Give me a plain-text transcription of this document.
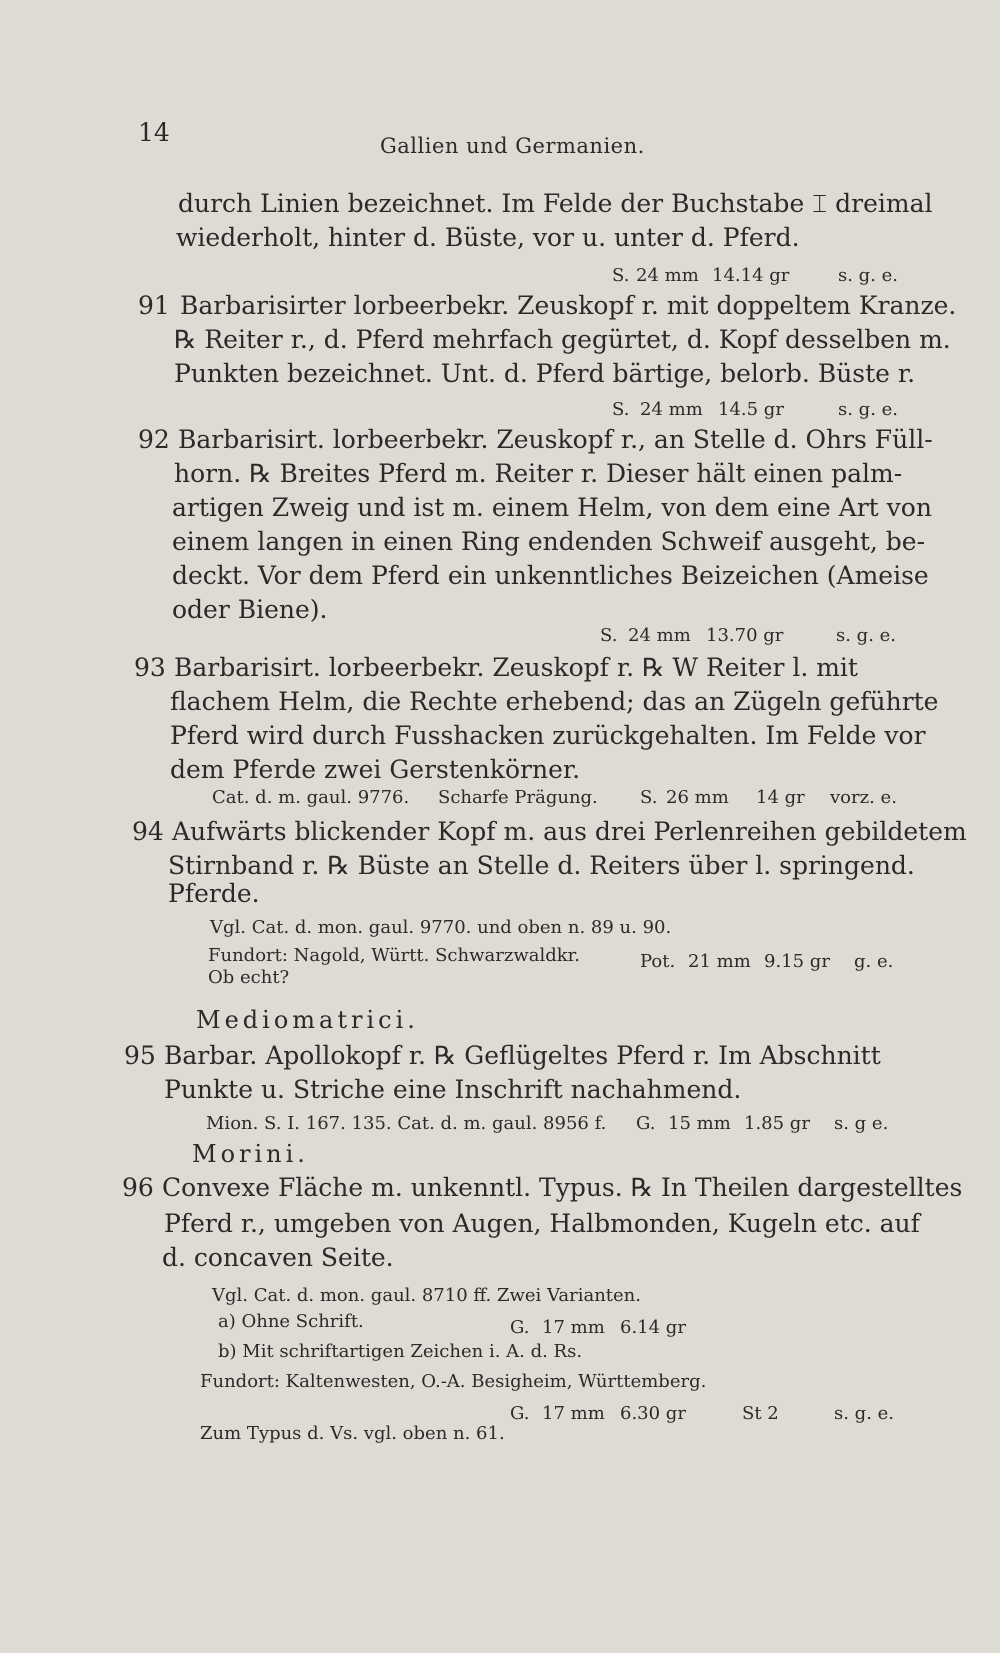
14	Gallien und Germanien.
durch Linien bezeichnet. Im Felde der Buchstabe ⌶ dreimal
wiederholt, hinter d. Büste, vor u. unter d. Pferd.
S. 24 mm 14.14 gr	s. g. e.
91 Barbarisirter lorbeerbekr. Zeuskopf r. mit doppeltem Kranze.
℞ Reiter r., d. Pferd mehrfach gegürtet, d. Kopf desselben m.
Punkten bezeichnet. Unt. d. Pferd bärtige, belorb. Büste r.
S. 24 mm 14.5 gr	s. g. e.
92 Barbarisirt. lorbeerbekr. Zeuskopf r., an Stelle d. Ohrs Füll-
horn. ℞ Breites Pferd m. Reiter r. Dieser hält einen palm-
artigen Zweig und ist m. einem Helm, von dem eine Art von
einem langen in einen Ring endenden Schweif ausgeht, be-
deckt. Vor dem Pferd ein unkenntliches Beizeichen (Ameise
oder Biene).
S. 24 mm 13.70 gr	s. g. e.
93 Barbarisirt. lorbeerbekr. Zeuskopf r. ℞ W Reiter l. mit
flachem Helm, die Rechte erhebend; das an Zügeln geführte
Pferd wird durch Fusshacken zurückgehalten. Im Felde vor
dem Pferde zwei Gerstenkörner.
Cat. d. m. gaul. 9776. Scharfe Prägung. S. 26 mm 14 gr vorz. e.
94 Aufwärts blickender Kopf m. aus drei Perlenreihen gebildetem
Stirnband r. ℞ Büste an Stelle d. Reiters über l. springend.
Pferde.
Vgl. Cat. d. mon. gaul. 9770. und oben n. 89 u. 90.
Fundort: Nagold, Württ. Schwarzwaldkr.
Ob echt?
Pot. 21 mm 9.15 gr g. e.
Mediomatrici.
95 Barbar. Apollokopf r. ℞ Geflügeltes Pferd r. Im Abschnitt
Punkte u. Striche eine Inschrift nachahmend.
Mion. S. I. 167. 135. Cat. d. m. gaul. 8956 f. G. 15 mm 1.85 gr s. g e.
Morini.
96 Convexe Fläche m. unkenntl. Typus. ℞ In Theilen dargestelltes
Pferd r., umgeben von Augen, Halbmonden, Kugeln etc. auf
d. concaven Seite.
Vgl. Cat. d. mon. gaul. 8710 ff. Zwei Varianten.
a) Ohne Schrift.	G. 17 mm 6.14 gr
b) Mit schriftartigen Zeichen i. A. d. Rs.
Fundort: Kaltenwesten, O.-A. Besigheim, Württemberg.
G. 17 mm 6.30 gr	St 2	s. g. e.
Zum Typus d. Vs. vgl. oben n. 61.
